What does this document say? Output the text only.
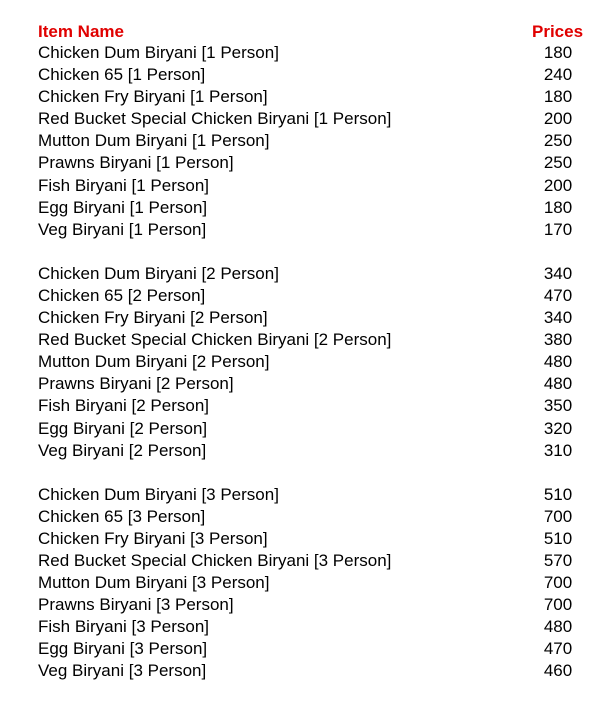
Item Name	Prices
Chicken Dum Biryani [1 Person]	180
Chicken 65 [1 Person]	240
Chicken Fry Biryani [1 Person]	180
Red Bucket Special Chicken Biryani [1 Person]	200
Mutton Dum Biryani [1 Person]	250
Prawns Biryani [1 Person]	250
Fish Biryani [1 Person]	200
Egg Biryani [1 Person]	180
Veg Biryani [1 Person]	170
Chicken Dum Biryani [2 Person]	340
Chicken 65 [2 Person]	470
Chicken Fry Biryani [2 Person]	340
Red Bucket Special Chicken Biryani [2 Person]	380
Mutton Dum Biryani [2 Person]	480
Prawns Biryani [2 Person]	480
Fish Biryani [2 Person]	350
Egg Biryani [2 Person]	320
Veg Biryani [2 Person]	310
Chicken Dum Biryani [3 Person]	510
Chicken 65 [3 Person]	700
Chicken Fry Biryani [3 Person]	510
Red Bucket Special Chicken Biryani [3 Person]	570
Mutton Dum Biryani [3 Person]	700
Prawns Biryani [3 Person]	700
Fish Biryani [3 Person]	480
Egg Biryani [3 Person]	470
Veg Biryani [3 Person]	460
